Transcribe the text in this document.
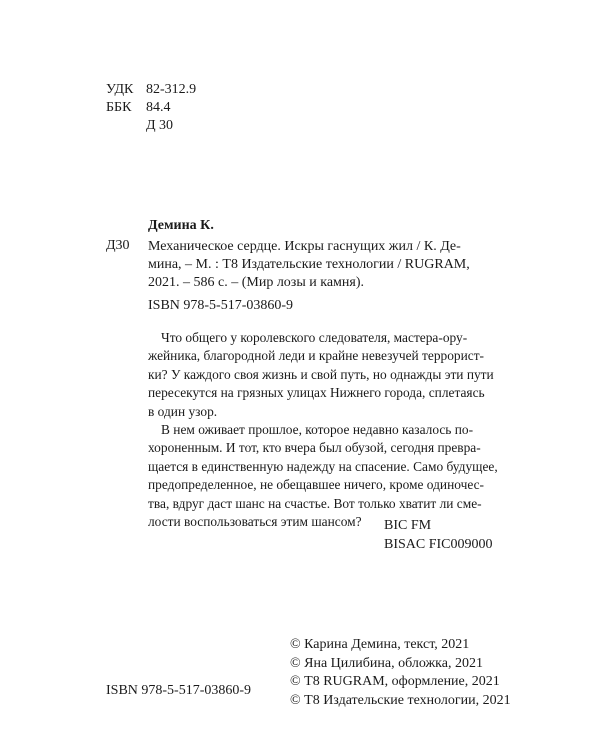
УДК 82-312.9
ББК	84.4
Д 30
Демина К.
Д30 Механическое сердце. Искры гаснущих жил / К. Де-
мина, – М. : Т8 Издательские технологии / RUGRAM,
2021. – 586 с. – (Мир лозы и камня).
ISBN 978-5-517-03860-9
Что общего у королевского следователя, мастера-ору-
жейника, благородной леди и крайне невезучей террорист-
ки? У каждого своя жизнь и свой путь, но однажды эти пути
пересекутся на грязных улицах Нижнего города, сплетаясь
в один узор.
В нем оживает прошлое, которое недавно казалось по-
хороненным. И тот, кто вчера был обузой, сегодня превра-
щается в единственную надежду на спасение. Само будущее,
предопределенное, не обещавшее ничего, кроме одиночес-
тва, вдруг даст шанс на счастье. Вот только хватит ли сме-
лости воспользоваться этим шансом?	BIC FM
BISAC FIC009000
© Карина Демина, текст, 2021
© Яна Цилибина, обложка, 2021
© Т8 RUGRAM, оформление, 2021
© Т8 Издательские технологии, 2021
ISBN 978-5-517-03860-9
